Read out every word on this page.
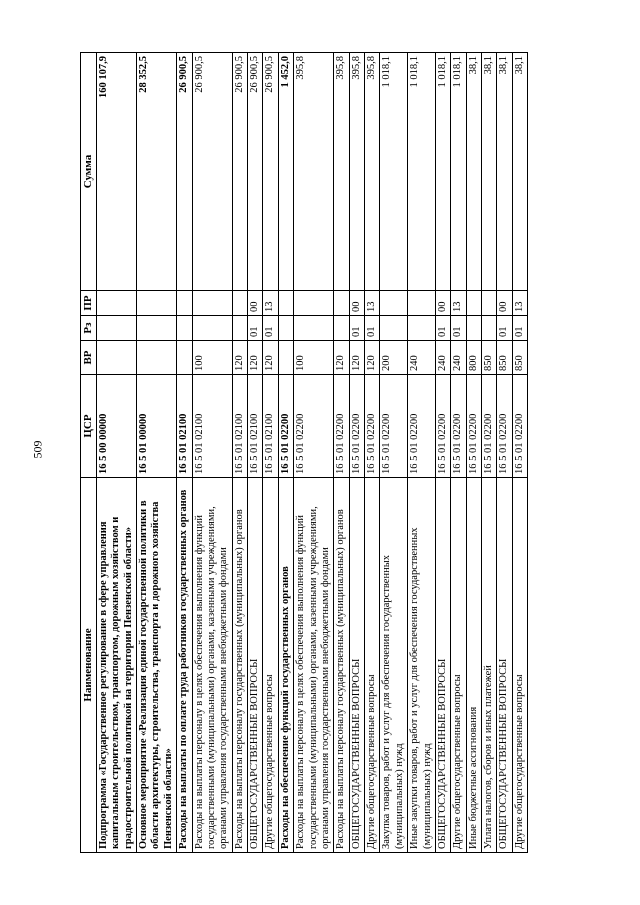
509
Наименование	ЦСР	ВР	Рз	ПР	Сумма
Подпрограмма «Государственное регулирование в сфере управления капитальным строительством, транспортом, дорожным хозяйством и градостроительной политикой на территории Пензенской области»	16 5 00 00000				160 107,9
Основное мероприятие «Реализация единой государственной политики в области архитектуры, строительства, транспорта и дорожного хозяйства Пензенской области»	16 5 01 00000				28 352,5
Расходы на выплаты по оплате труда работников государственных органов	16 5 01 02100				26 900,5
Расходы на выплаты персоналу в целях обеспечения выполнения функций государственными (муниципальными) органами, казенными учреждениями, органами управления государственными внебюджетными фондами	16 5 01 02100	100			26 900,5
Расходы на выплаты персоналу государственных (муниципальных) органов	16 5 01 02100	120			26 900,5
ОБЩЕГОСУДАРСТВЕННЫЕ ВОПРОСЫ	16 5 01 02100	120	01	00	26 900,5
Другие общегосударственные вопросы	16 5 01 02100	120	01	13	26 900,5
Расходы на обеспечение функций государственных органов	16 5 01 02200				1 452,0
Расходы на выплаты персоналу в целях обеспечения выполнения функций государственными (муниципальными) органами, казенными учреждениями, органами управления государственными внебюджетными фондами	16 5 01 02200	100			395,8
Расходы на выплаты персоналу государственных (муниципальных) органов	16 5 01 02200	120			395,8
ОБЩЕГОСУДАРСТВЕННЫЕ ВОПРОСЫ	16 5 01 02200	120	01	00	395,8
Другие общегосударственные вопросы	16 5 01 02200	120	01	13	395,8
Закупка товаров, работ и услуг для обеспечения государственных (муниципальных) нужд	16 5 01 02200	200			1 018,1
Иные закупки товаров, работ и услуг для обеспечения государственных (муниципальных) нужд	16 5 01 02200	240			1 018,1
ОБЩЕГОСУДАРСТВЕННЫЕ ВОПРОСЫ	16 5 01 02200	240	01	00	1 018,1
Другие общегосударственные вопросы	16 5 01 02200	240	01	13	1 018,1
Иные бюджетные ассигнования	16 5 01 02200	800			38,1
Уплата налогов, сборов и иных платежей	16 5 01 02200	850			38,1
ОБЩЕГОСУДАРСТВЕННЫЕ ВОПРОСЫ	16 5 01 02200	850	01	00	38,1
Другие общегосударственные вопросы	16 5 01 02200	850	01	13	38,1
